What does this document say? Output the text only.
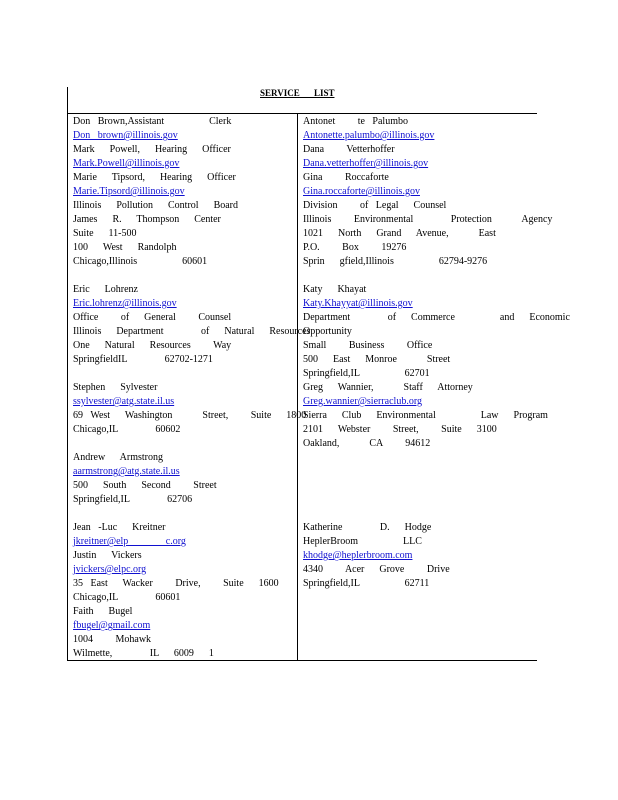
SERVICE LIST
Don Brown,Assistant      Clerk
Don brown@illinois.gov
Mark  Powell,  Hearing  Officer
Mark.Powell@illinois.gov
Marie  Tipsord,  Hearing  Officer
Marie.Tipsord@illinois.gov
Illinois  Pollution  Control  Board
James  R.  Thompson  Center
Suite  11-500
100  West  Randolph
Chicago,Illinois      60601
Eric  Lohrenz
Eric.lohrenz@illinois.gov
Office   of  General   Counsel
Illinois  Department     of  Natural  Resources
One  Natural  Resources   Way
SpringfieldIL     62702-1271
Stephen  Sylvester
ssylvester@atg.state.il.us
69 West  Washington    Street,   Suite  1800
Chicago,IL     60602
Andrew  Armstrong
aarmstrong@atg.state.il.us
500  South  Second   Street
Springfield,IL     62706
Jean -Luc  Kreitner
jkreitner@elp     c.org
Justin  Vickers
jvickers@elpc.org
35 East  Wacker   Drive,   Suite  1600
Chicago,IL     60601
Faith  Bugel
fbugel@gmail.com
1004   Mohawk
Wilmette,     IL  6009  1
Antonet   te Palumbo
Antonette.palumbo@illinois.gov
Dana   Vetterhoffer
Dana.vetterhoffer@illinois.gov
Gina   Roccaforte
Gina.roccaforte@illinois.gov
Division   of Legal  Counsel
Illinois   Environmental     Protection    Agency
1021  North  Grand  Avenue,    East
P.O.   Box   19276
Sprin  gfield,Illinois      62794-9276
Katy  Khayat
Katy.Khayyat@illinois.gov
Department     of  Commerce      and  Economic
Opportunity
Small   Business   Office
500  East  Monroe    Street
Springfield,IL      62701
Greg  Wannier,    Staff  Attorney
Greg.wannier@sierraclub.org
Sierra  Club  Environmental      Law  Program
2101  Webster   Street,   Suite  3100
Oakland,    CA   94612
Katherine     D.  Hodge
HeplerBroom      LLC
khodge@heplerbroom.com
4340   Acer  Grove   Drive
Springfield,IL      62711
